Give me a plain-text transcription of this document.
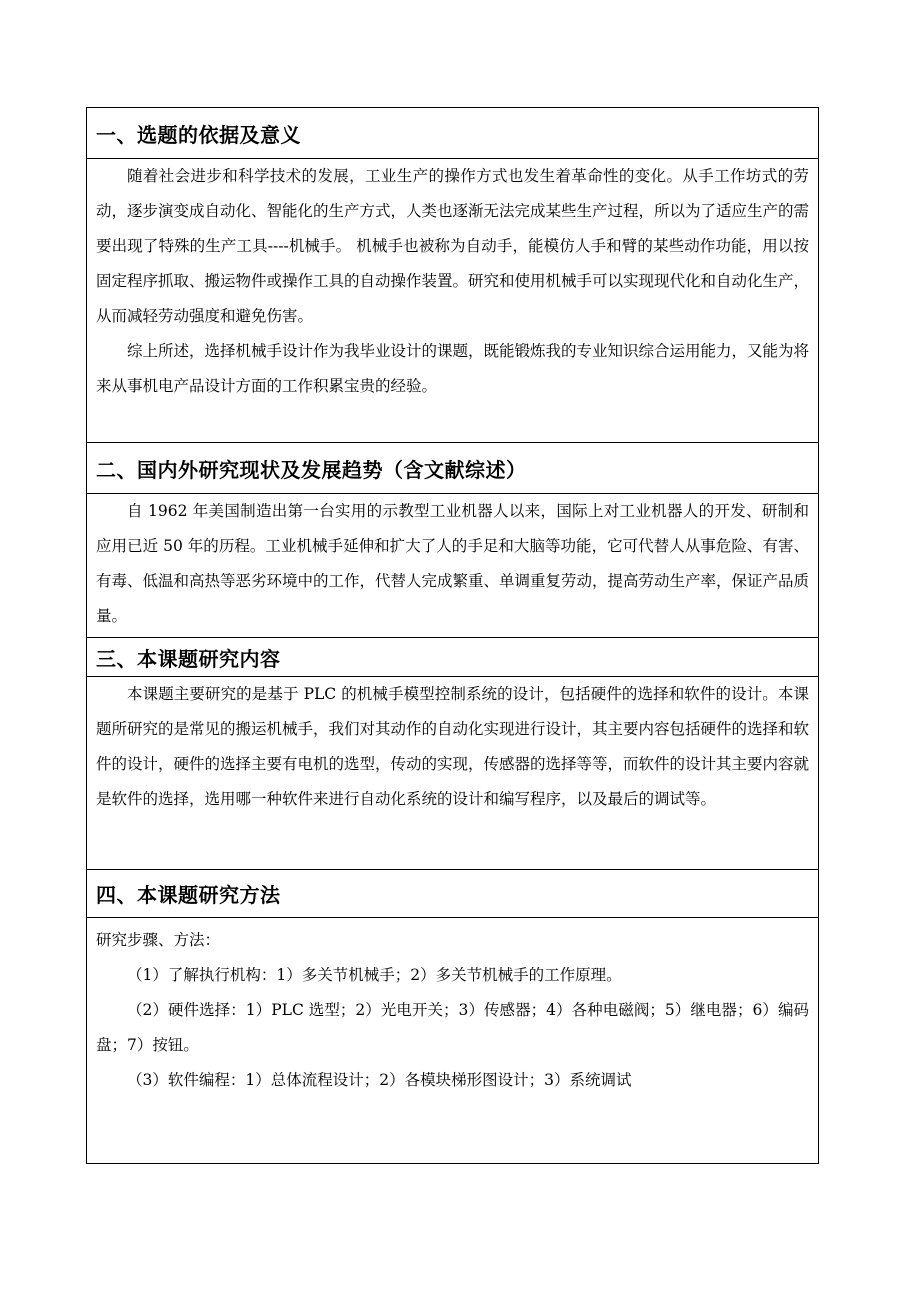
一、选题的依据及意义

随着社会进步和科学技术的发展，工业生产的操作方式也发生着革命性的变化。从手工作坊式的劳动，逐步演变成自动化、智能化的生产方式，人类也逐渐无法完成某些生产过程，所以为了适应生产的需要出现了特殊的生产工具----机械手。 机械手也被称为自动手，能模仿人手和臂的某些动作功能，用以按固定程序抓取、搬运物件或操作工具的自动操作装置。研究和使用机械手可以实现现代化和自动化生产，从而减轻劳动强度和避免伤害。

综上所述，选择机械手设计作为我毕业设计的课题，既能锻炼我的专业知识综合运用能力，又能为将来从事机电产品设计方面的工作积累宝贵的经验。

二、国内外研究现状及发展趋势（含文献综述）

自 1962 年美国制造出第一台实用的示教型工业机器人以来，国际上对工业机器人的开发、研制和应用已近 50 年的历程。工业机械手延伸和扩大了人的手足和大脑等功能，它可代替人从事危险、有害、有毒、低温和高热等恶劣环境中的工作，代替人完成繁重、单调重复劳动，提高劳动生产率，保证产品质量。

三、本课题研究内容

本课题主要研究的是基于 PLC 的机械手模型控制系统的设计，包括硬件的选择和软件的设计。本课题所研究的是常见的搬运机械手，我们对其动作的自动化实现进行设计，其主要内容包括硬件的选择和软件的设计，硬件的选择主要有电机的选型，传动的实现，传感器的选择等等，而软件的设计其主要内容就是软件的选择，选用哪一种软件来进行自动化系统的设计和编写程序，以及最后的调试等。

四、本课题研究方法

研究步骤、方法：

（1）了解执行机构：1）多关节机械手；2）多关节机械手的工作原理。

（2）硬件选择：1）PLC 选型；2）光电开关；3）传感器；4）各种电磁阀；5）继电器；6）编码盘；7）按钮。

（3）软件编程：1）总体流程设计；2）各模块梯形图设计；3）系统调试
